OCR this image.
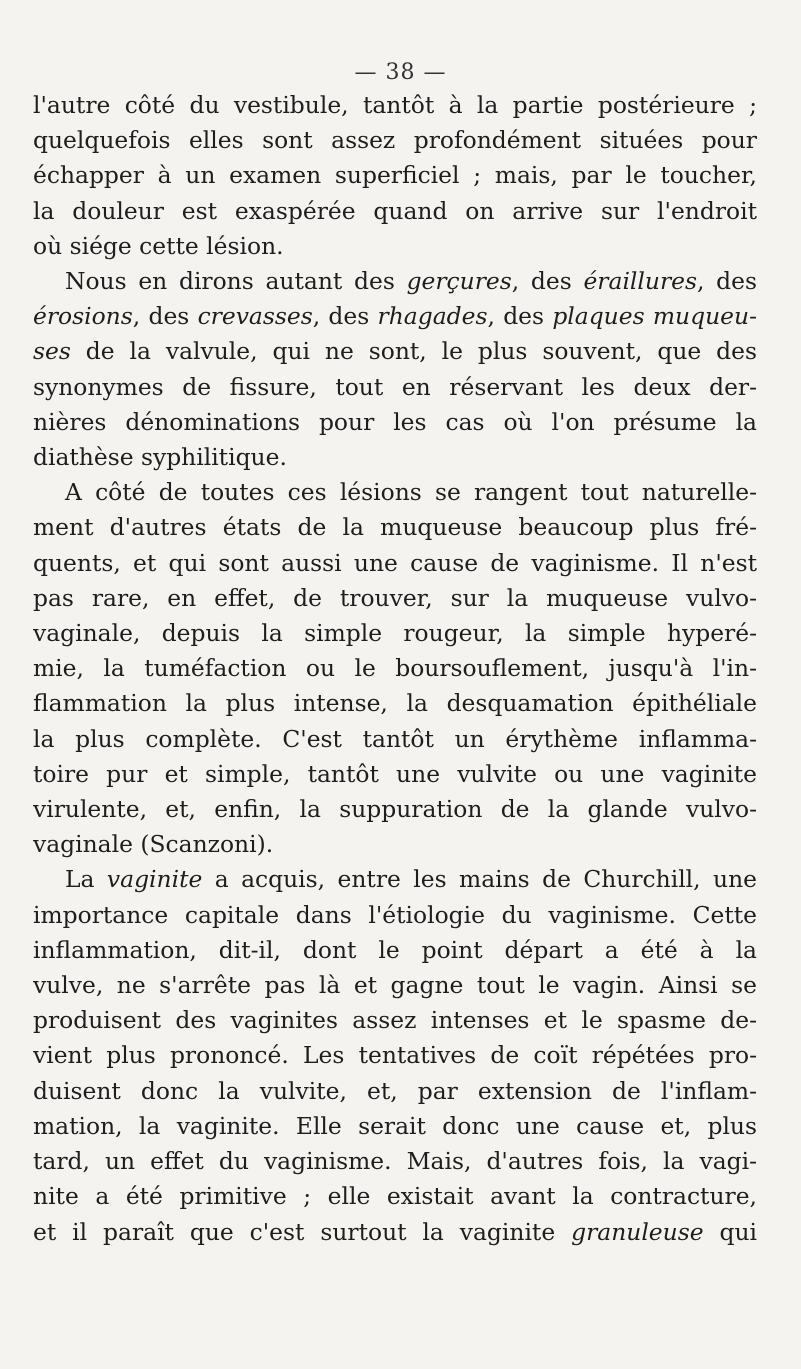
— 38 —
l'autre côté du vestibule, tantôt à la partie postérieure ;
quelquefois elles sont assez profondément situées pour
échapper à un examen superficiel ; mais, par le toucher,
la douleur est exaspérée quand on arrive sur l'endroit
où siége cette lésion.
Nous en dirons autant des gerçures, des éraillures, des
érosions, des crevasses, des rhagades, des plaques muqueu-
ses de la valvule, qui ne sont, le plus souvent, que des
synonymes de fissure, tout en réservant les deux der-
nières dénominations pour les cas où l'on présume la
diathèse syphilitique.
A côté de toutes ces lésions se rangent tout naturelle-
ment d'autres états de la muqueuse beaucoup plus fré-
quents, et qui sont aussi une cause de vaginisme. Il n'est
pas rare, en effet, de trouver, sur la muqueuse vulvo-
vaginale, depuis la simple rougeur, la simple hyperé-
mie, la tuméfaction ou le boursouflement, jusqu'à l'in-
flammation la plus intense, la desquamation épithéliale
la plus complète. C'est tantôt un érythème inflamma-
toire pur et simple, tantôt une vulvite ou une vaginite
virulente, et, enfin, la suppuration de la glande vulvo-
vaginale (Scanzoni).
La vaginite a acquis, entre les mains de Churchill, une
importance capitale dans l'étiologie du vaginisme. Cette
inflammation, dit-il, dont le point départ a été à la
vulve, ne s'arrête pas là et gagne tout le vagin. Ainsi se
produisent des vaginites assez intenses et le spasme de-
vient plus prononcé. Les tentatives de coït répétées pro-
duisent donc la vulvite, et, par extension de l'inflam-
mation, la vaginite. Elle serait donc une cause et, plus
tard, un effet du vaginisme. Mais, d'autres fois, la vagi-
nite a été primitive ; elle existait avant la contracture,
et il paraît que c'est surtout la vaginite granuleuse qui
